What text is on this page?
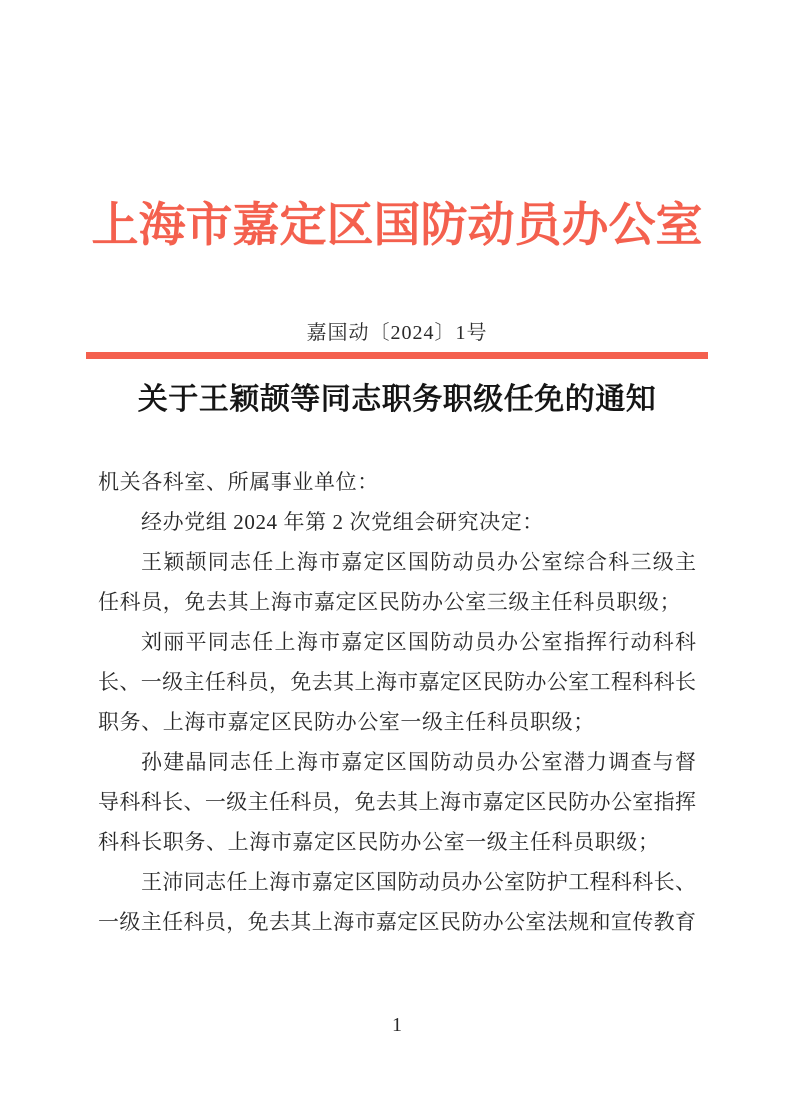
上海市嘉定区国防动员办公室
嘉国动〔2024〕1号
关于王颖颉等同志职务职级任免的通知
机关各科室、所属事业单位：
经办党组 2024 年第 2 次党组会研究决定：
王颖颉同志任上海市嘉定区国防动员办公室综合科三级主
任科员，免去其上海市嘉定区民防办公室三级主任科员职级；
刘丽平同志任上海市嘉定区国防动员办公室指挥行动科科
长、一级主任科员，免去其上海市嘉定区民防办公室工程科科长
职务、上海市嘉定区民防办公室一级主任科员职级；
孙建晶同志任上海市嘉定区国防动员办公室潜力调查与督
导科科长、一级主任科员，免去其上海市嘉定区民防办公室指挥
科科长职务、上海市嘉定区民防办公室一级主任科员职级；
王沛同志任上海市嘉定区国防动员办公室防护工程科科长、
一级主任科员，免去其上海市嘉定区民防办公室法规和宣传教育
1
